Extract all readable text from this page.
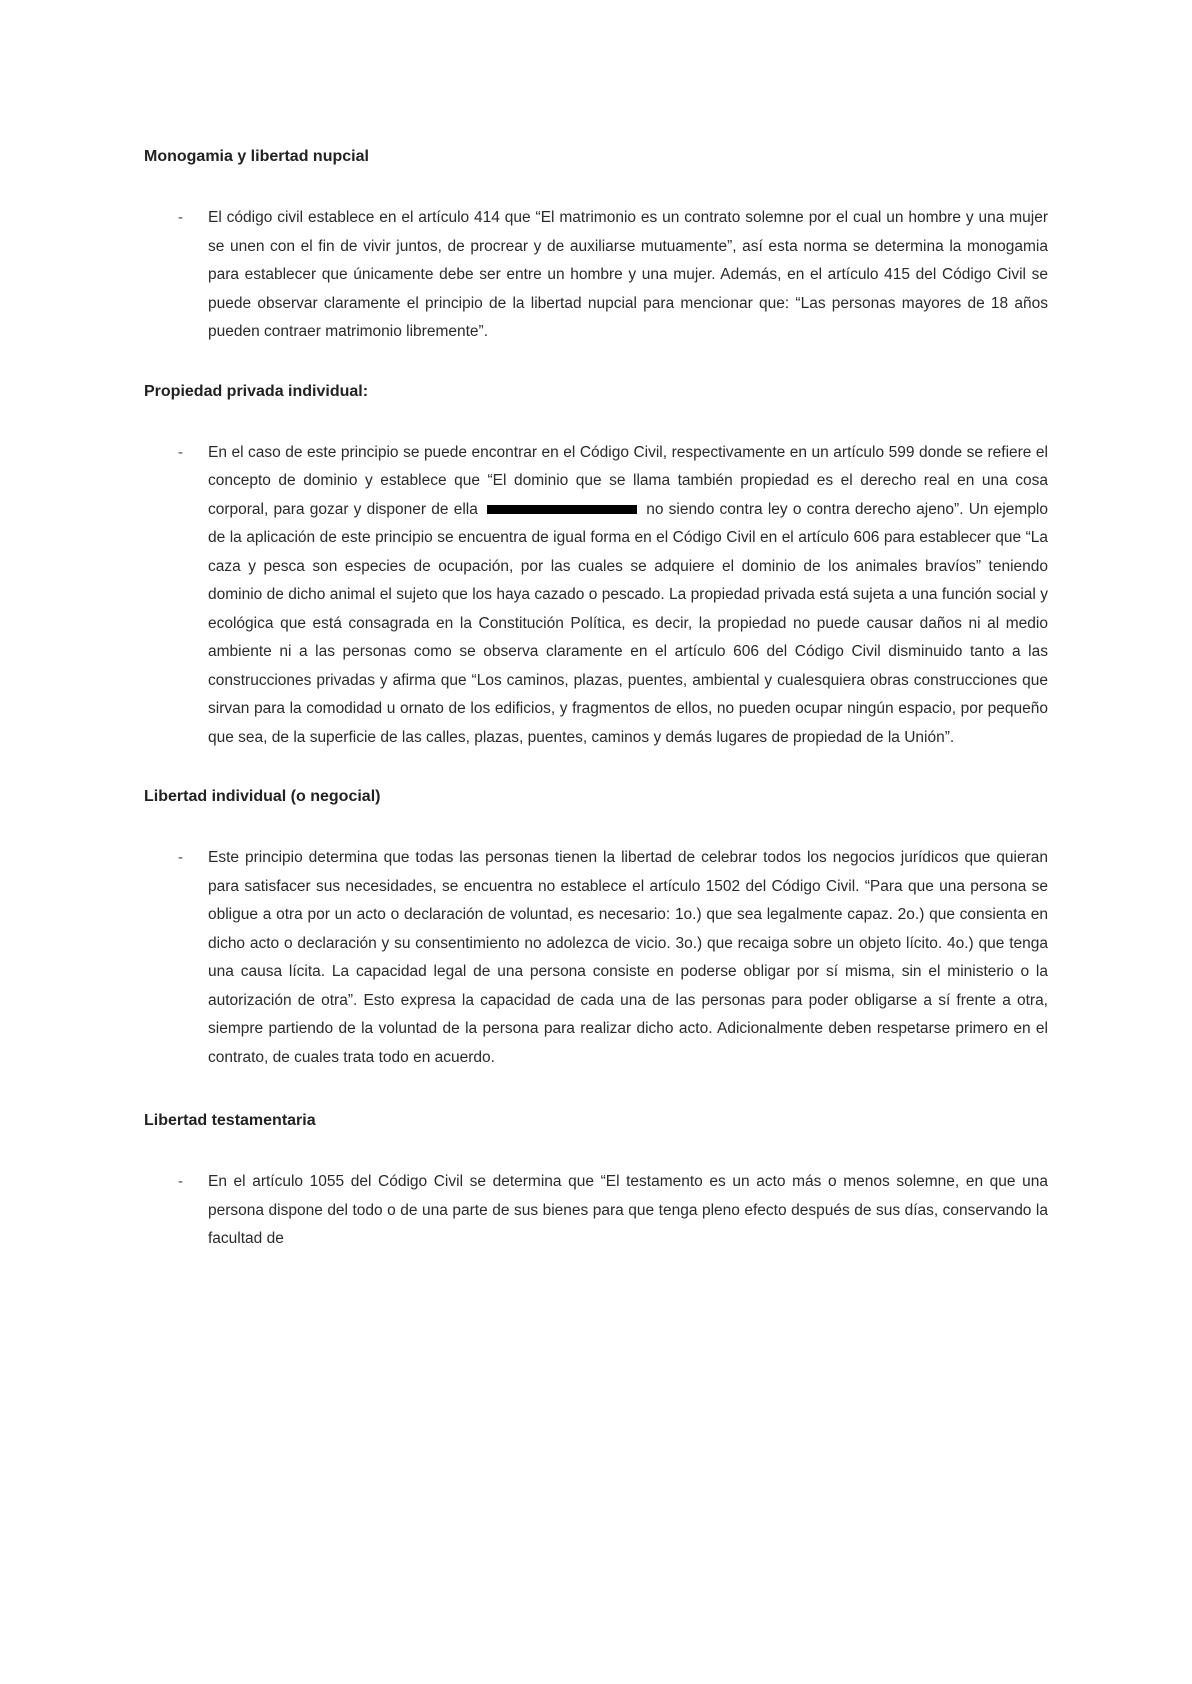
Monogamia y libertad nupcial
-	El código civil establece en el artículo 414 que “El matrimonio es un contrato solemne por el cual un hombre y una mujer se unen con el fin de vivir juntos, de procrear y de auxiliarse mutuamente”, así esta norma se determina la monogamia para establecer que únicamente debe ser entre un hombre y una mujer. Además, en el artículo 415 del Código Civil se puede observar claramente el principio de la libertad nupcial para mencionar que: “Las personas mayores de 18 años pueden contraer matrimonio libremente”.
Propiedad privada individual:
-	En el caso de este principio se puede encontrar en el Código Civil, respectivamente en un artículo 599 donde se refiere el concepto de dominio y establece que “El dominio que se llama también propiedad es el derecho real en una cosa corporal, para gozar y disponer de ella	no siendo contra ley o contra derecho ajeno”. Un ejemplo de la aplicación de este principio se encuentra de igual forma en el Código Civil en el artículo 606 para establecer que “La caza y pesca son especies de ocupación, por las cuales se adquiere el dominio de los animales bravíos” teniendo dominio de dicho animal el sujeto que los haya cazado o pescado. La propiedad privada está sujeta a una función social y ecológica que está consagrada en la Constitución Política, es decir, la propiedad no puede causar daños ni al medio ambiente ni a las personas como se observa claramente en el artículo 606 del Código Civil disminuido tanto a las construcciones privadas y afirma que “Los caminos, plazas, puentes, ambiental y cualesquiera obras construcciones que sirvan para la comodidad u ornato de los edificios, y fragmentos de ellos, no pueden ocupar ningún espacio, por pequeño que sea, de la superficie de las calles, plazas, puentes, caminos y demás lugares de propiedad de la Unión”.
Libertad individual (o negocial)
-	Este principio determina que todas las personas tienen la libertad de celebrar todos los negocios jurídicos que quieran para satisfacer sus necesidades, se encuentra no establece el artículo 1502 del Código Civil. “Para que una persona se obligue a otra por un acto o declaración de voluntad, es necesario: 1o.) que sea legalmente capaz. 2o.) que consienta en dicho acto o declaración y su consentimiento no adolezca de vicio. 3o.) que recaiga sobre un objeto lícito. 4o.) que tenga una causa lícita. La capacidad legal de una persona consiste en poderse obligar por sí misma, sin el ministerio o la autorización de otra”. Esto expresa la capacidad de cada una de las personas para poder obligarse a sí frente a otra, siempre partiendo de la voluntad de la persona para realizar dicho acto. Adicionalmente deben respetarse primero en el contrato, de cuales trata todo en acuerdo.
Libertad testamentaria
-	En el artículo 1055 del Código Civil se determina que “El testamento es un acto más o menos solemne, en que una persona dispone del todo o de una parte de sus bienes para que tenga pleno efecto después de sus días, conservando la facultad de
